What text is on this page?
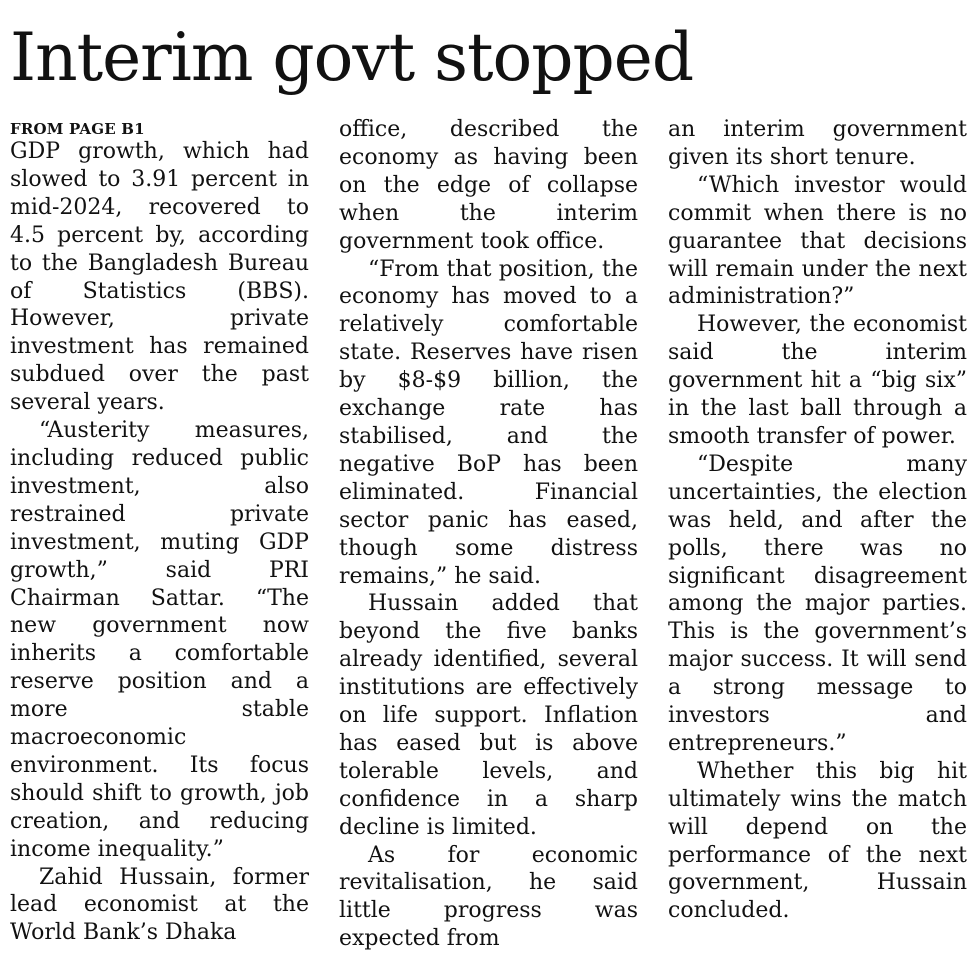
Interim govt stopped
FROM PAGE B1

GDP growth, which had slowed to 3.91 percent in mid-2024, recovered to 4.5 percent by, according to the Bangladesh Bureau of Statistics (BBS). However, private investment has remained subdued over the past several years.

“Austerity measures, including reduced public investment, also restrained private investment, muting GDP growth,” said PRI Chairman Sattar. “The new government now inherits a comfortable reserve position and a more stable macroeconomic environment. Its focus should shift to growth, job creation, and reducing income inequality.”

Zahid Hussain, former lead economist at the World Bank’s Dhaka

office, described the economy as having been on the edge of collapse when the interim government took office.

“From that position, the economy has moved to a relatively comfortable state. Reserves have risen by $8-$9 billion, the exchange rate has stabilised, and the negative BoP has been eliminated. Financial sector panic has eased, though some distress remains,” he said.

Hussain added that beyond the five banks already identified, several institutions are effectively on life support. Inflation has eased but is above tolerable levels, and confidence in a sharp decline is limited.

As for economic revitalisation, he said little progress was expected from

an interim government given its short tenure.

“Which investor would commit when there is no guarantee that decisions will remain under the next administration?”

However, the economist said the interim government hit a “big six” in the last ball through a smooth transfer of power.

“Despite many uncertainties, the election was held, and after the polls, there was no significant disagreement among the major parties. This is the government’s major success. It will send a strong message to investors and entrepreneurs.”

Whether this big hit ultimately wins the match will depend on the performance of the next government, Hussain concluded.
